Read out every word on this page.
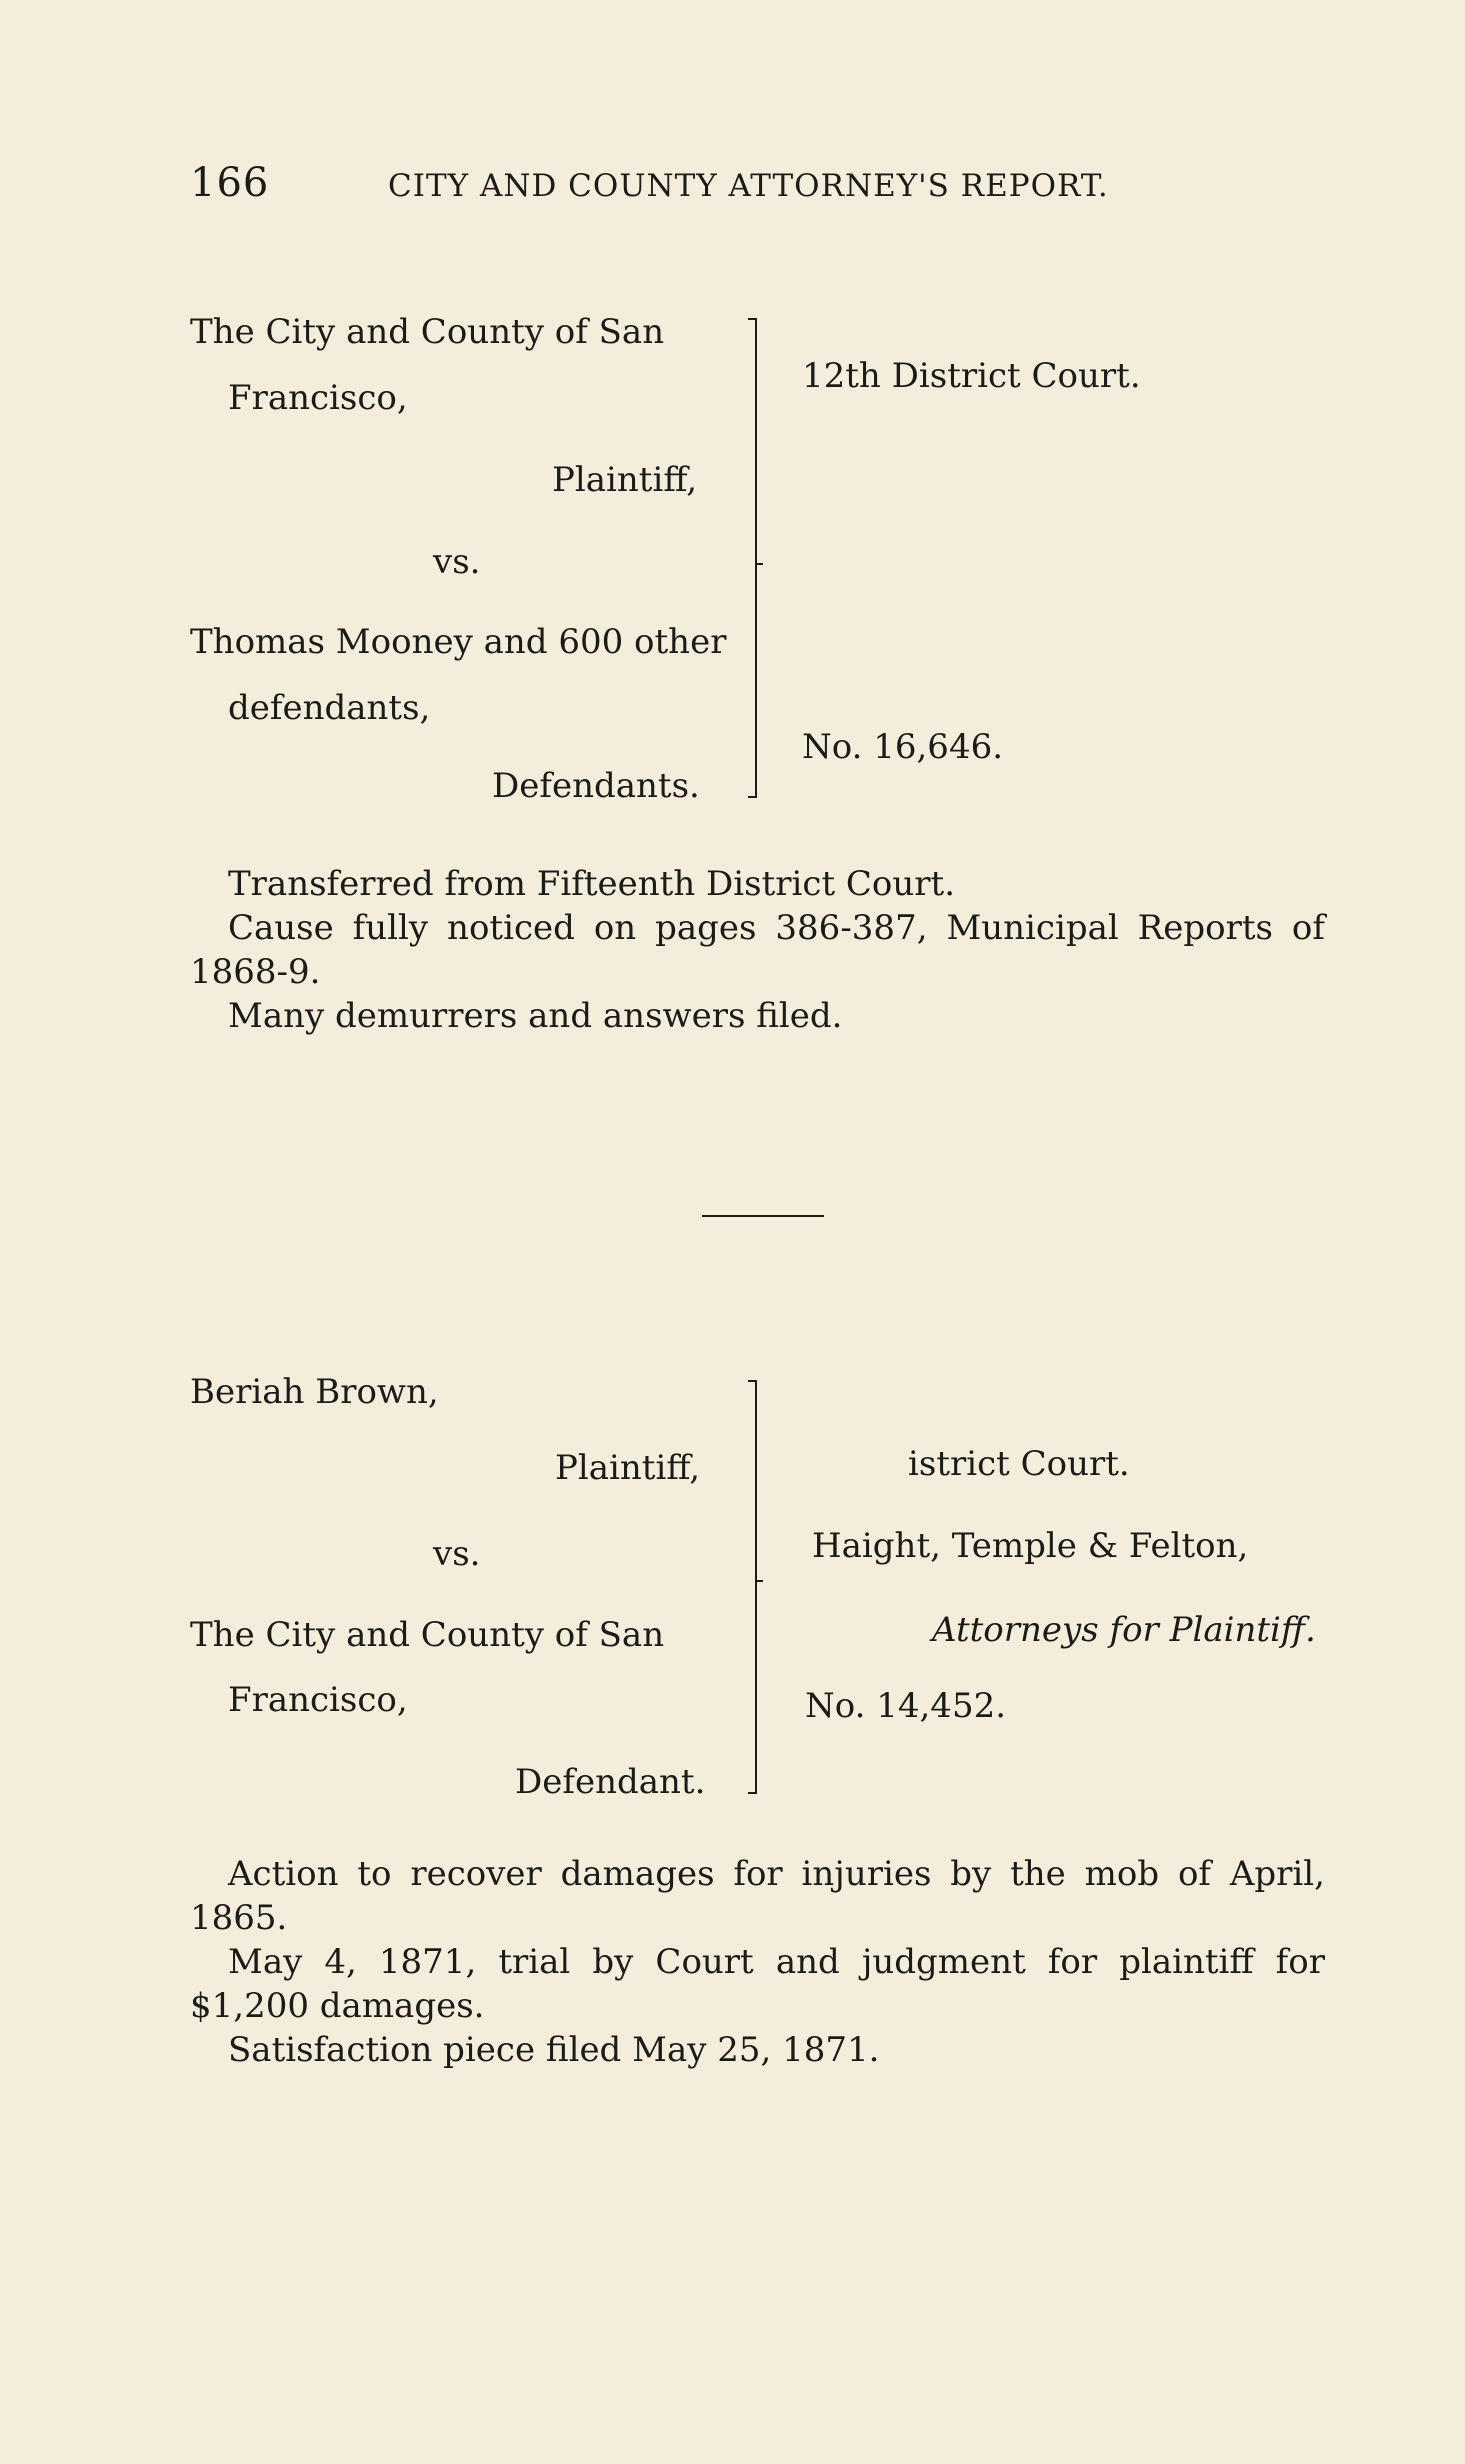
166	CITY AND COUNTY ATTORNEY'S REPORT.
The City and County of San
Francisco,
Plaintiff,
vs.
Thomas Mooney and 600 other
defendants,
Defendants.
12th District Court.
No. 16,646.

Transferred from Fifteenth District Court.

Cause fully noticed on pages 386-387, Municipal Reports of 1868-9.

Many demurrers and answers filed.

Beriah Brown,
Plaintiff,
vs.
The City and County of San
Francisco,
Defendant.
istrict Court.
Haight, Temple & Felton,
Attorneys for Plaintiff.
No. 14,452.

Action to recover damages for injuries by the mob of April, 1865.

May 4, 1871, trial by Court and judgment for plaintiff for $1,200 damages.

Satisfaction piece filed May 25, 1871.
